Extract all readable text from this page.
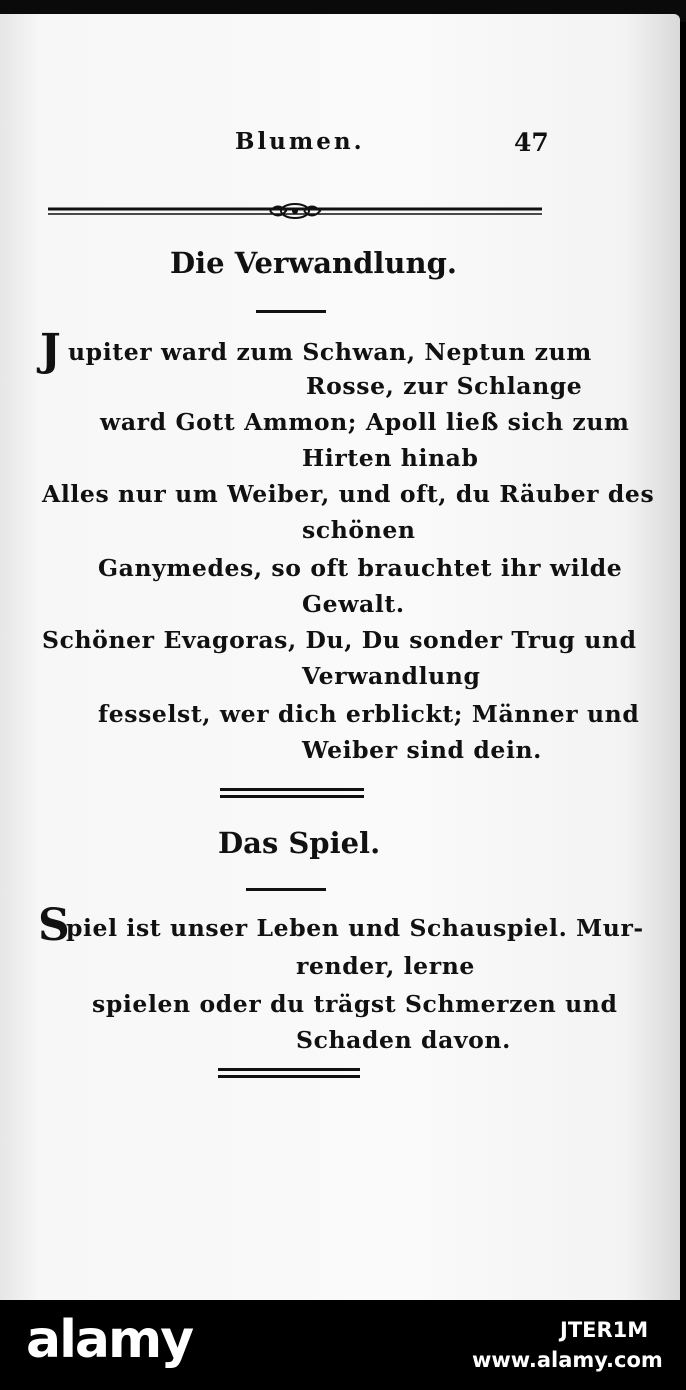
Blumen.	47
Die Verwandlung.
J upiter ward zum Schwan, Neptun zum
Rosse, zur Schlange
ward Gott Ammon; Apoll ließ sich zum
Hirten hinab
Alles nur um Weiber, und oft, du Räuber des
schönen
Ganymedes, so oft brauchtet ihr wilde
Gewalt.
Schöner Evagoras, Du, Du sonder Trug und
Verwandlung
fesselst, wer dich erblickt; Männer und
Weiber sind dein.
Das Spiel.
S
piel ist unser Leben und Schauspiel. Mur-
render, lerne
spielen oder du trägst Schmerzen und
Schaden davon.
alamy	JTER1M
www.alamy.com
